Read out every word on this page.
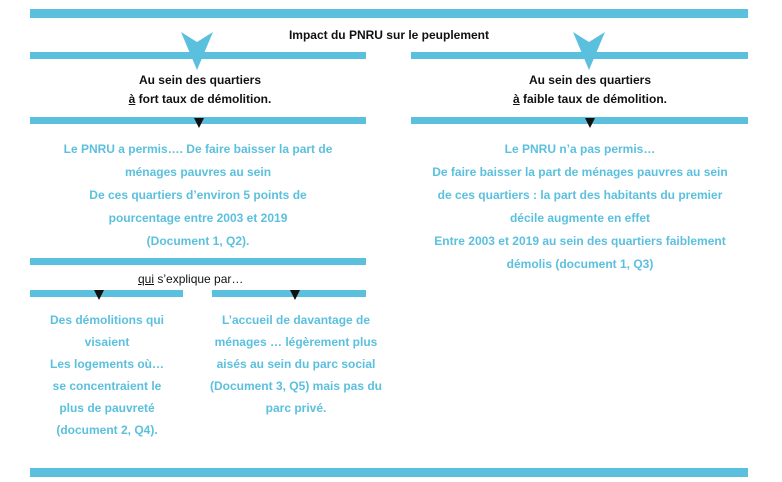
Impact du PNRU sur le peuplement
Au sein des quartiers
à fort taux de démolition.
Au sein des quartiers
à faible taux de démolition.
Le PNRU a permis…. De faire baisser la part de
ménages pauvres au sein
De ces quartiers d’environ 5 points de
pourcentage entre 2003 et 2019
(Document 1, Q2).
Le PNRU n’a pas permis…
De faire baisser la part de ménages pauvres au sein
de ces quartiers : la part des habitants du premier
décile augmente en effet
Entre 2003 et 2019 au sein des quartiers faiblement
démolis (document 1, Q3)
qui s’explique par…
Des démolitions qui
visaient
Les logements où…
se concentraient le
plus de pauvreté
(document 2, Q4).
L’accueil de davantage de
ménages … légèrement plus
aisés au sein du parc social
(Document 3, Q5) mais pas du
parc privé.
